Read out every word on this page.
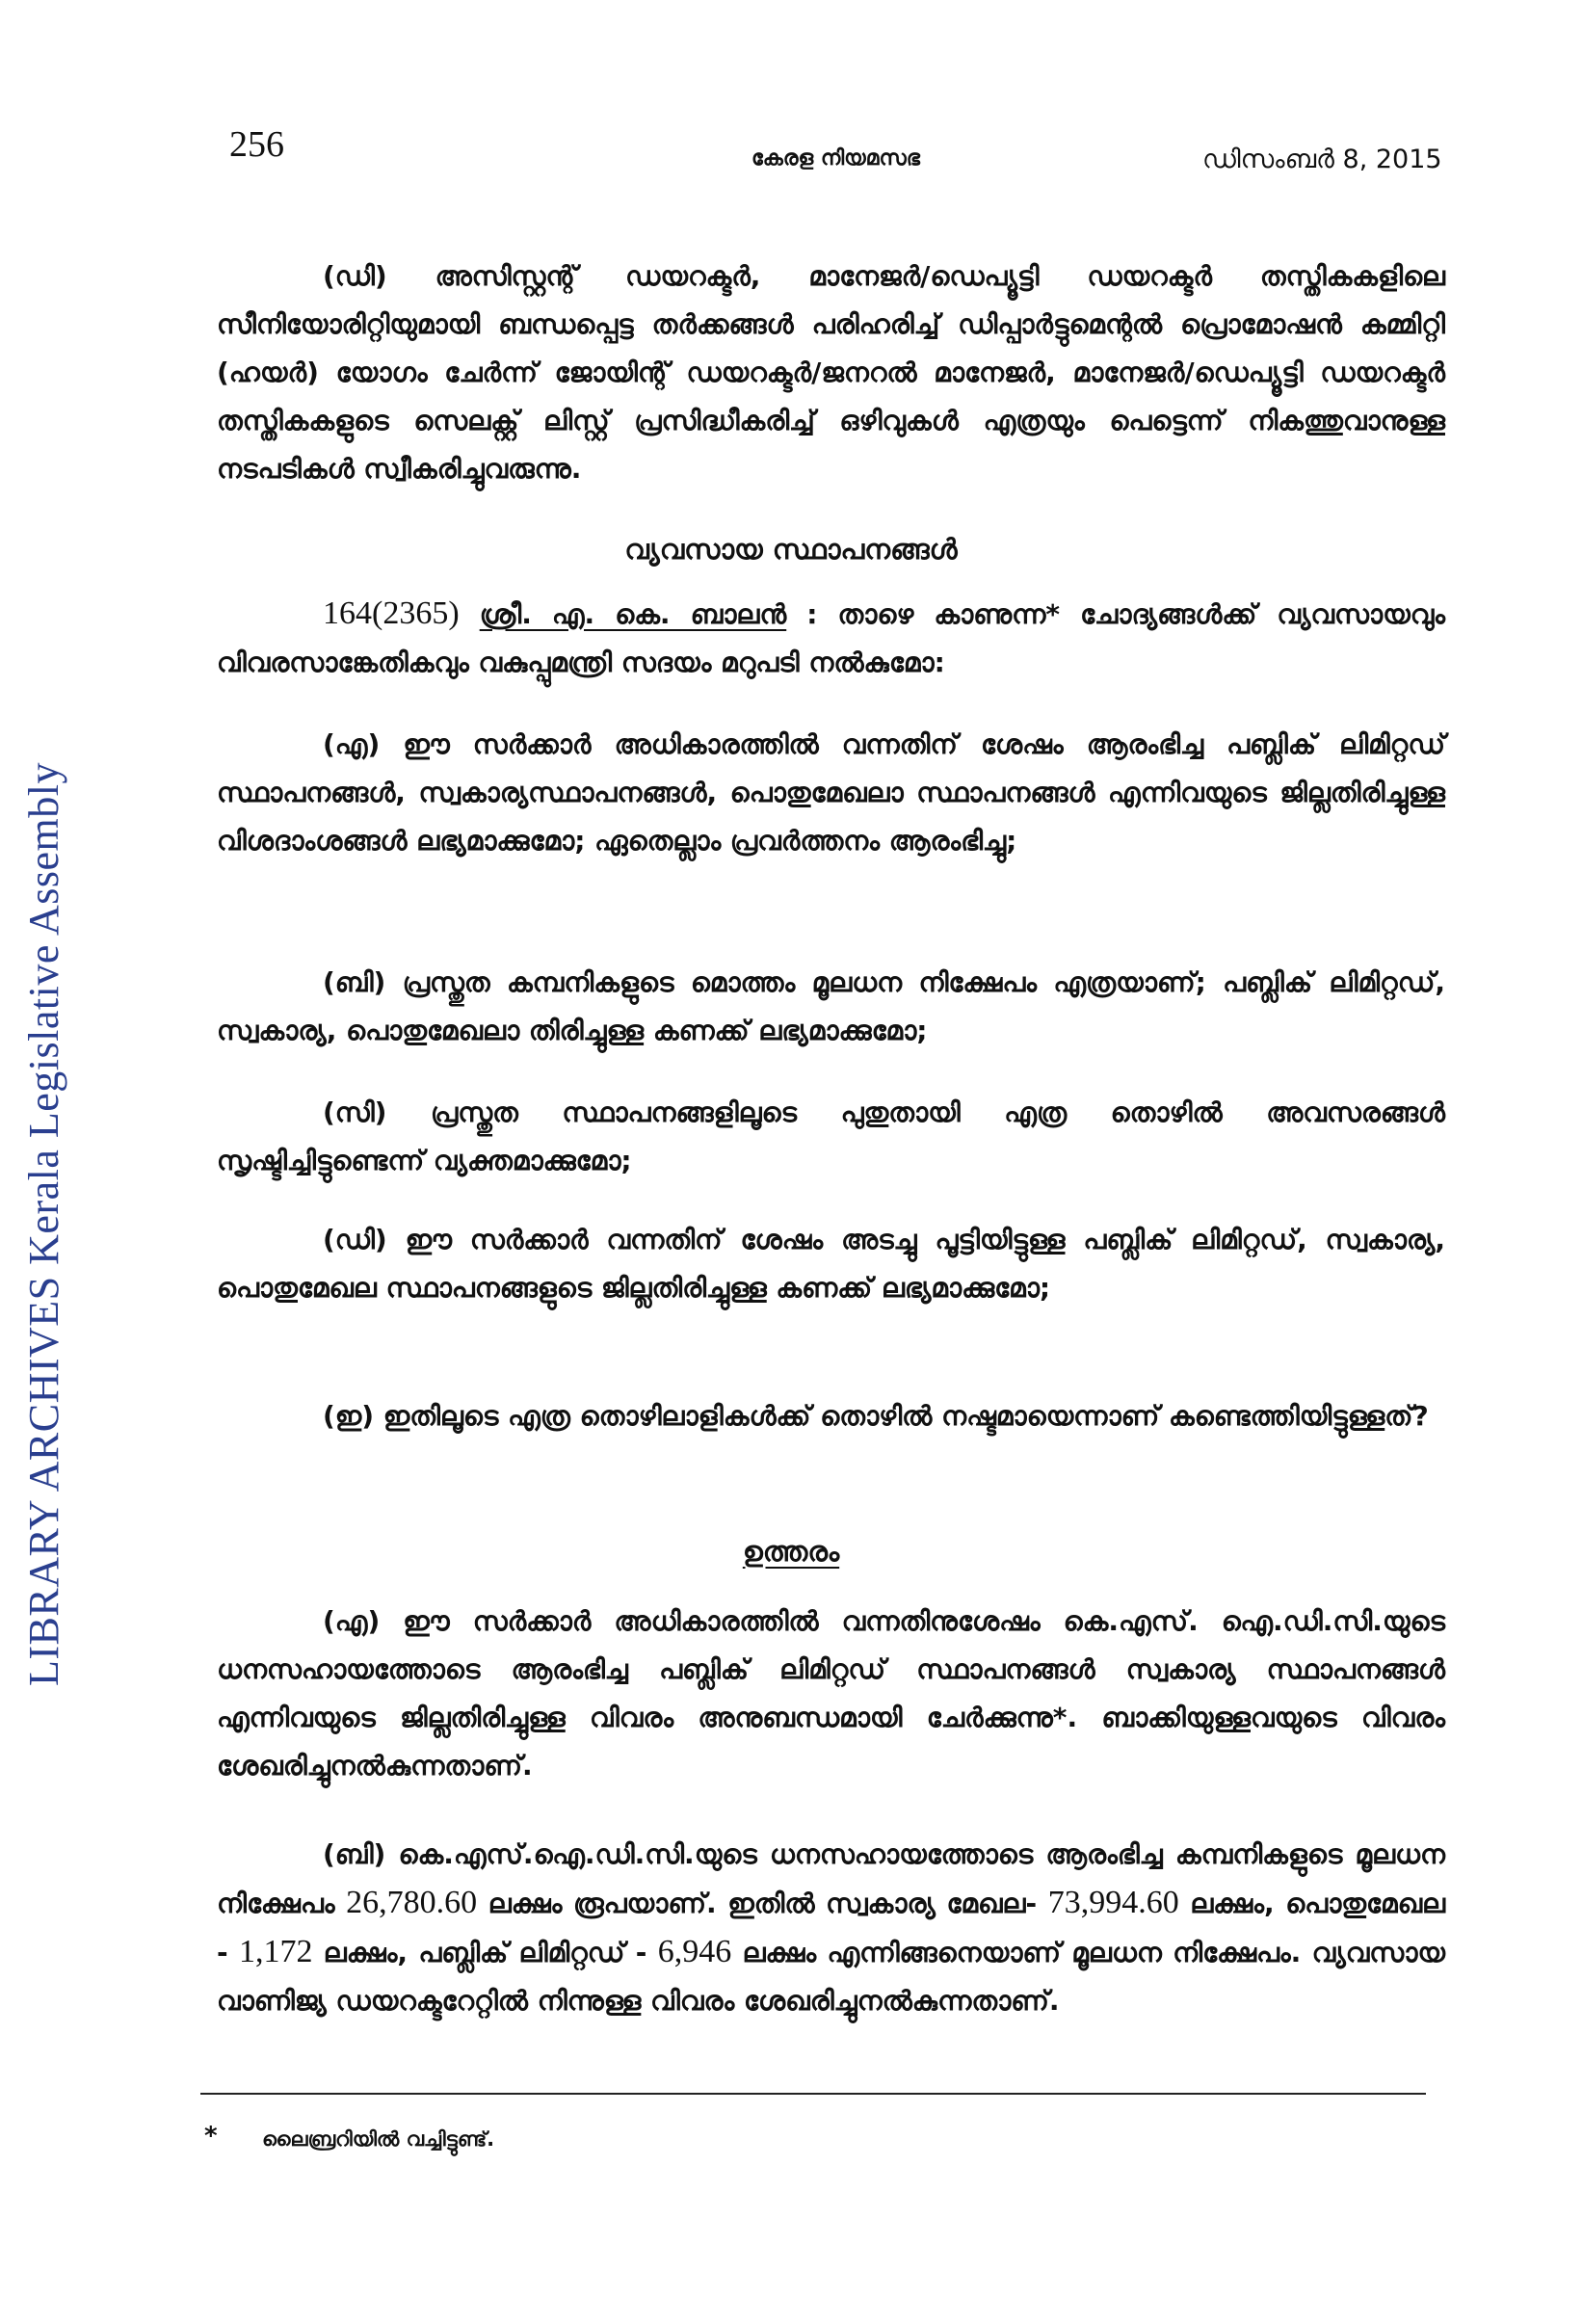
LIBRARY ARCHIVES Kerala Legislative Assembly
256	കേരള നിയമസഭ	ഡിസംബർ 8, 2015
(ഡി) അസിസ്റ്റന്റ് ഡയറക്ടർ, മാനേജർ/ഡെപ്യൂട്ടി ഡയറക്ടർ തസ്തികകളിലെ സീനിയോരിറ്റിയുമായി ബന്ധപ്പെട്ട തർക്കങ്ങൾ പരിഹരിച്ച് ഡിപ്പാർട്ടുമെന്റൽ പ്രൊമോഷൻ കമ്മിറ്റി (ഹയർ) യോഗം ചേർന്ന് ജോയിന്റ് ഡയറക്ടർ/ജനറൽ മാനേജർ, മാനേജർ/ഡെപ്യൂട്ടി ഡയറക്ടർ തസ്തികകളുടെ സെലക്റ്റ് ലിസ്റ്റ് പ്രസിദ്ധീകരിച്ച് ഒഴിവുകൾ എത്രയും പെട്ടെന്ന് നികത്തുവാനുള്ള നടപടികൾ സ്വീകരിച്ചുവരുന്നു.
വ്യവസായ സ്ഥാപനങ്ങൾ
164(2365) ശ്രീ. എ. കെ. ബാലൻ : താഴെ കാണുന്ന* ചോദ്യങ്ങൾക്ക് വ്യവസായവും വിവരസാങ്കേതികവും വകുപ്പുമന്ത്രി സദയം മറുപടി നൽകുമോ:
(എ) ഈ സർക്കാർ അധികാരത്തിൽ വന്നതിന് ശേഷം ആരംഭിച്ച പബ്ലിക് ലിമിറ്റഡ് സ്ഥാപനങ്ങൾ, സ്വകാര്യസ്ഥാപനങ്ങൾ, പൊതുമേഖലാ സ്ഥാപനങ്ങൾ എന്നിവയുടെ ജില്ലതിരിച്ചുള്ള വിശദാംശങ്ങൾ ലഭ്യമാക്കുമോ; ഏതെല്ലാം പ്രവർത്തനം ആരംഭിച്ചു;
(ബി) പ്രസ്തുത കമ്പനികളുടെ മൊത്തം മൂലധന നിക്ഷേപം എത്രയാണ്; പബ്ലിക് ലിമിറ്റഡ്, സ്വകാര്യ, പൊതുമേഖലാ തിരിച്ചുള്ള കണക്ക് ലഭ്യമാക്കുമോ;
(സി) പ്രസ്തുത സ്ഥാപനങ്ങളിലൂടെ പുതുതായി എത്ര തൊഴിൽ അവസരങ്ങൾ സൃഷ്ടിച്ചിട്ടുണ്ടെന്ന് വ്യക്തമാക്കുമോ;
(ഡി) ഈ സർക്കാർ വന്നതിന് ശേഷം അടച്ചു പൂട്ടിയിട്ടുള്ള പബ്ലിക് ലിമിറ്റഡ്, സ്വകാര്യ, പൊതുമേഖല സ്ഥാപനങ്ങളുടെ ജില്ലതിരിച്ചുള്ള കണക്ക് ലഭ്യമാക്കുമോ;
(ഇ) ഇതിലൂടെ എത്ര തൊഴിലാളികൾക്ക് തൊഴിൽ നഷ്ടമായെന്നാണ് കണ്ടെത്തിയിട്ടുള്ളത്?
ഉത്തരം
(എ) ഈ സർക്കാർ അധികാരത്തിൽ വന്നതിനുശേഷം കെ.എസ്. ഐ.ഡി.സി.യുടെ ധനസഹായത്തോടെ ആരംഭിച്ച പബ്ലിക് ലിമിറ്റഡ് സ്ഥാപനങ്ങൾ സ്വകാര്യ സ്ഥാപനങ്ങൾ എന്നിവയുടെ ജില്ലതിരിച്ചുള്ള വിവരം അനുബന്ധമായി ചേർക്കുന്നു*. ബാക്കിയുള്ളവയുടെ വിവരം ശേഖരിച്ചുനൽകുന്നതാണ്.
(ബി) കെ.എസ്.ഐ.ഡി.സി.യുടെ ധനസഹായത്തോടെ ആരംഭിച്ച കമ്പനികളുടെ മൂലധന നിക്ഷേപം 26,780.60 ലക്ഷം രൂപയാണ്. ഇതിൽ സ്വകാര്യ മേഖല- 73,994.60 ലക്ഷം, പൊതുമേഖല - 1,172 ലക്ഷം, പബ്ലിക് ലിമിറ്റഡ് - 6,946 ലക്ഷം എന്നിങ്ങനെയാണ് മൂലധന നിക്ഷേപം. വ്യവസായ വാണിജ്യ ഡയറക്ടറേറ്റിൽ നിന്നുള്ള വിവരം ശേഖരിച്ചുനൽകുന്നതാണ്.
* ലൈബ്രറിയിൽ വച്ചിട്ടുണ്ട്.
